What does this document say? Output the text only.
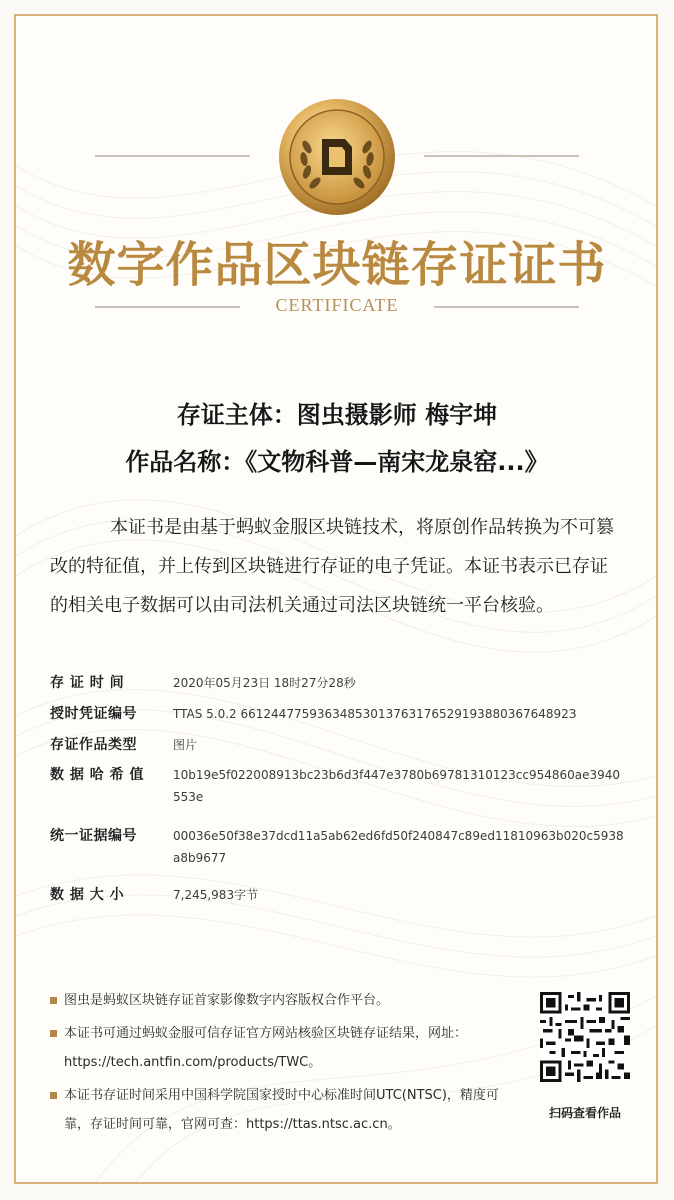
数字作品区块链存证证书
CERTIFICATE
存证主体：图虫摄影师 梅宇坤
作品名称：《文物科普—南宋龙泉窑...》
本证书是由基于蚂蚁金服区块链技术，将原创作品转换为不可篡改的特征值，并上传到区块链进行存证的电子凭证。本证书表示已存证的相关电子数据可以由司法机关通过司法区块链统一平台核验。
存 证 时 间	2020年05月23日 18时27分28秒
授时凭证编号	TTAS 5.0.2 6612447759363485301376317652919388036764892З
存证作品类型	图片
数 据 哈 希 值	10b19e5f022008913bc23b6d3f447e3780b69781310123cc954860ae3940553e
统一证据编号	00036e50f38e37dcd11a5ab62ed6fd50f240847c89ed11810963b020c5938a8b9677
数 据 大 小	7,245,983字节
图虫是蚂蚁区块链存证首家影像数字内容版权合作平台。
本证书可通过蚂蚁金服可信存证官方网站核验区块链存证结果，网址：https://tech.antfin.com/products/TWC。
本证书存证时间采用中国科学院国家授时中心标准时间UTC(NTSC)，精度可靠，存证时间可靠，官网可查：https://ttas.ntsc.ac.cn。
扫码查看作品
